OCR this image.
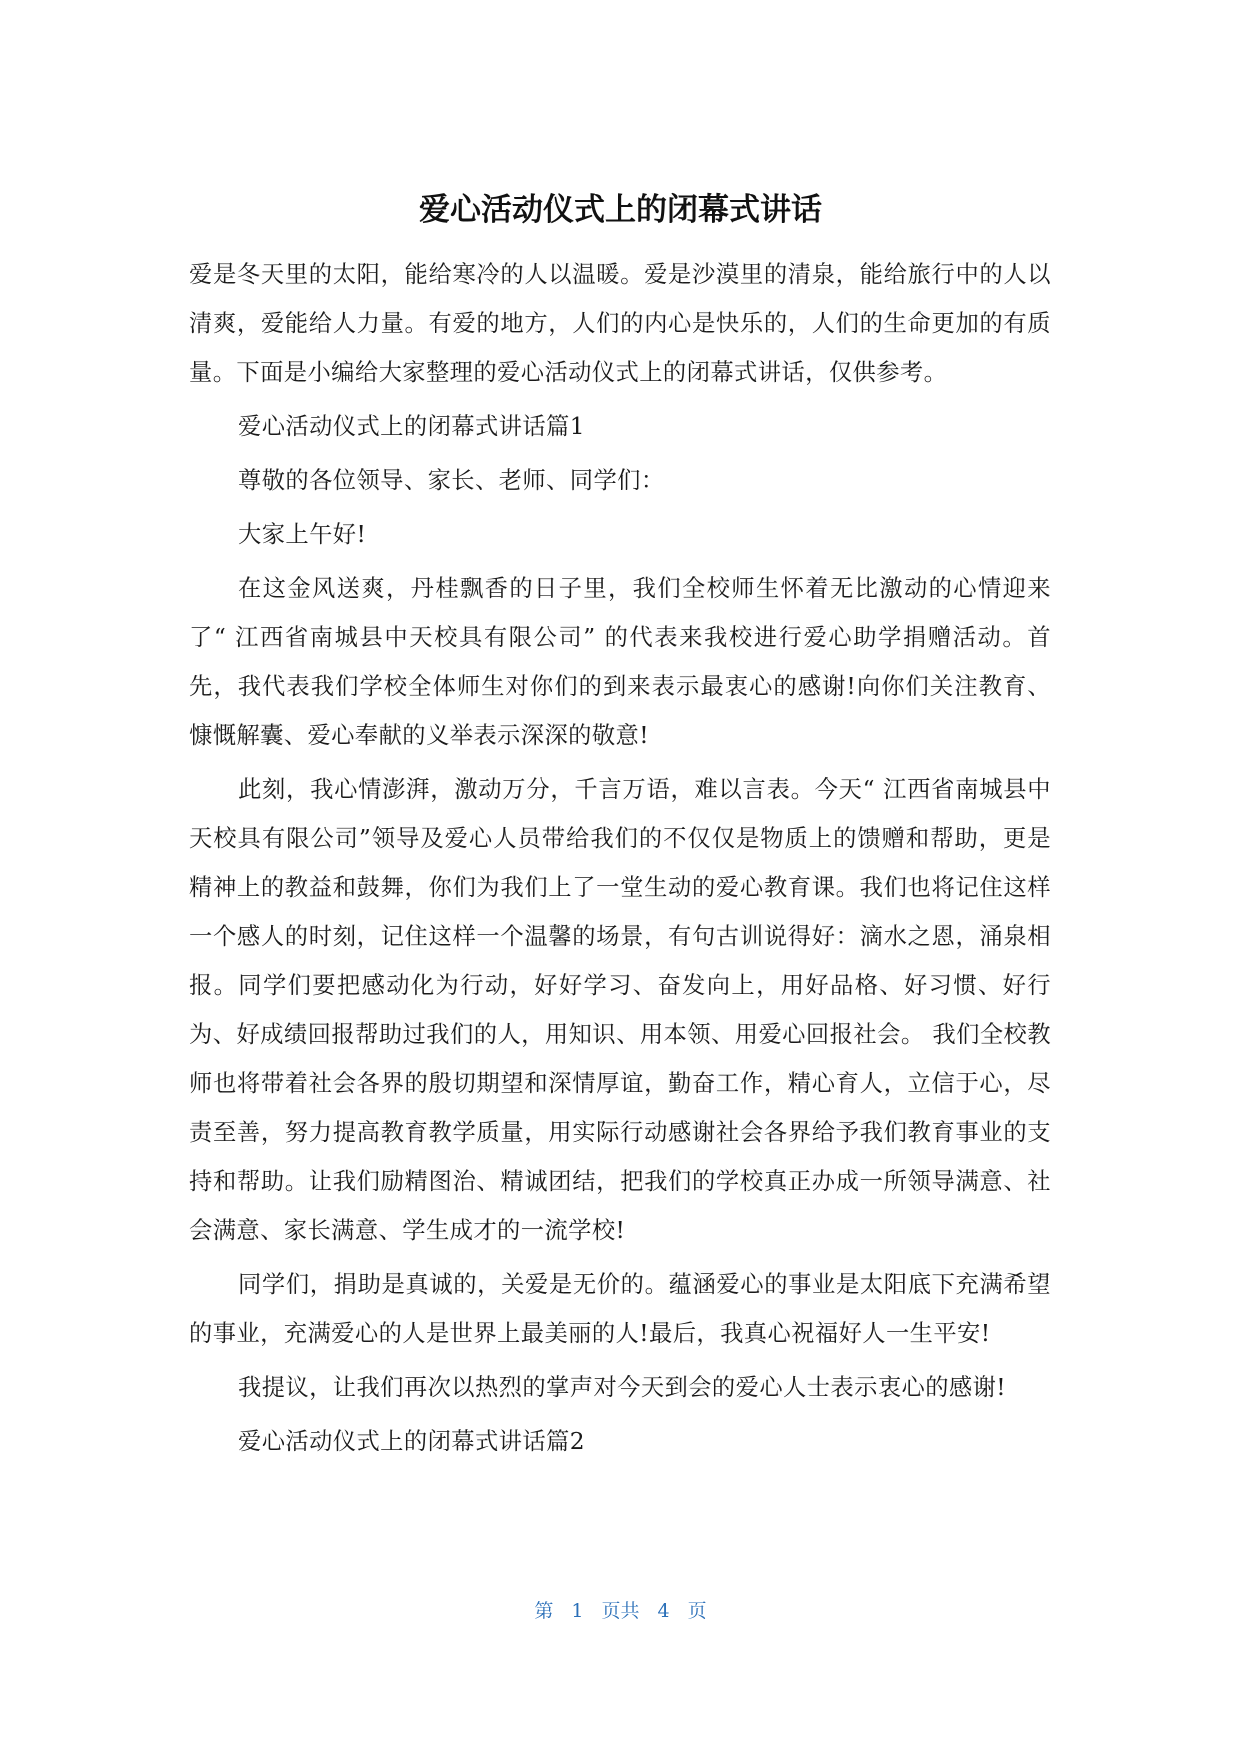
爱心活动仪式上的闭幕式讲话

爱是冬天里的太阳，能给寒冷的人以温暖。爱是沙漠里的清泉，能给旅行中的人以清爽，爱能给人力量。有爱的地方，人们的内心是快乐的，人们的生命更加的有质量。下面是小编给大家整理的爱心活动仪式上的闭幕式讲话，仅供参考。

爱心活动仪式上的闭幕式讲话篇1

尊敬的各位领导、家长、老师、同学们：

大家上午好!

在这金风送爽，丹桂飘香的日子里，我们全校师生怀着无比激动的心情迎来了“ 江西省南城县中天校具有限公司” 的代表来我校进行爱心助学捐赠活动。首先，我代表我们学校全体师生对你们的到来表示最衷心的感谢!向你们关注教育、慷慨解囊、爱心奉献的义举表示深深的敬意!

此刻，我心情澎湃，激动万分，千言万语，难以言表。今天“ 江西省南城县中天校具有限公司”领导及爱心人员带给我们的不仅仅是物质上的馈赠和帮助，更是精神上的教益和鼓舞，你们为我们上了一堂生动的爱心教育课。我们也将记住这样一个感人的时刻，记住这样一个温馨的场景，有句古训说得好：滴水之恩，涌泉相报。同学们要把感动化为行动，好好学习、奋发向上，用好品格、好习惯、好行为、好成绩回报帮助过我们的人，用知识、用本领、用爱心回报社会。 我们全校教师也将带着社会各界的殷切期望和深情厚谊，勤奋工作，精心育人，立信于心，尽责至善，努力提高教育教学质量，用实际行动感谢社会各界给予我们教育事业的支持和帮助。让我们励精图治、精诚团结，把我们的学校真正办成一所领导满意、社会满意、家长满意、学生成才的一流学校!

同学们，捐助是真诚的，关爱是无价的。蕴涵爱心的事业是太阳底下充满希望的事业，充满爱心的人是世界上最美丽的人!最后，我真心祝福好人一生平安!

我提议，让我们再次以热烈的掌声对今天到会的爱心人士表示衷心的感谢!

爱心活动仪式上的闭幕式讲话篇2

第 1 页共 4 页
